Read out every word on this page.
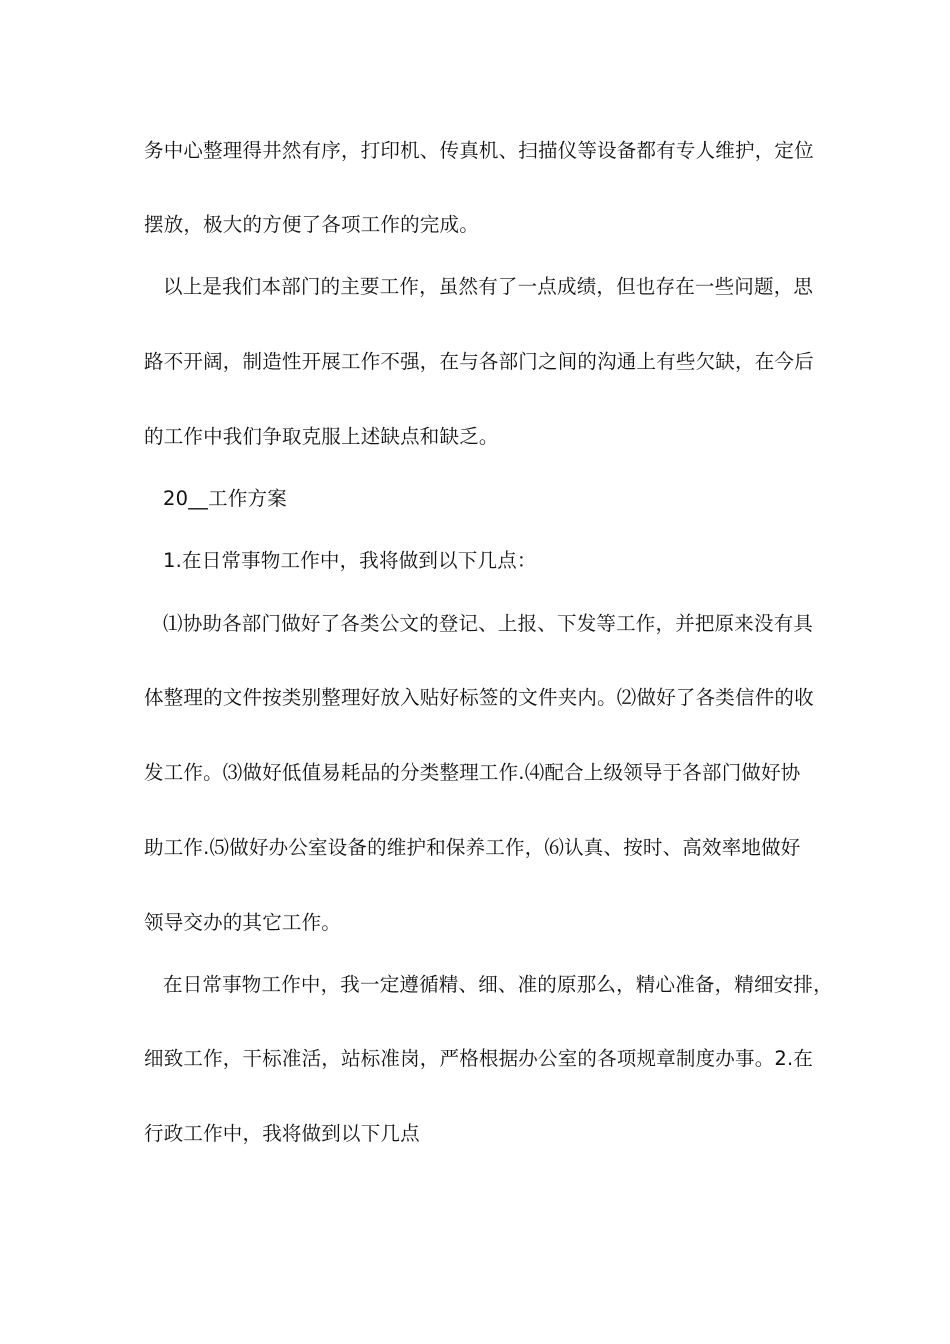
务中心整理得井然有序，打印机、传真机、扫描仪等设备都有专人维护，定位
摆放，极大的方便了各项工作的完成。
以上是我们本部门的主要工作，虽然有了一点成绩，但也存在一些问题，思
路不开阔，制造性开展工作不强，在与各部门之间的沟通上有些欠缺，在今后
的工作中我们争取克服上述缺点和缺乏。
20__工作方案
1.在日常事物工作中，我将做到以下几点：
⑴协助各部门做好了各类公文的登记、上报、下发等工作，并把原来没有具
体整理的文件按类别整理好放入贴好标签的文件夹内。⑵做好了各类信件的收
发工作。⑶做好低值易耗品的分类整理工作.⑷配合上级领导于各部门做好协
助工作.⑸做好办公室设备的维护和保养工作，⑹认真、按时、高效率地做好
领导交办的其它工作。
在日常事物工作中，我一定遵循精、细、准的原那么，精心准备，精细安排，
细致工作，干标准活，站标准岗，严格根据办公室的各项规章制度办事。2.在
行政工作中，我将做到以下几点
